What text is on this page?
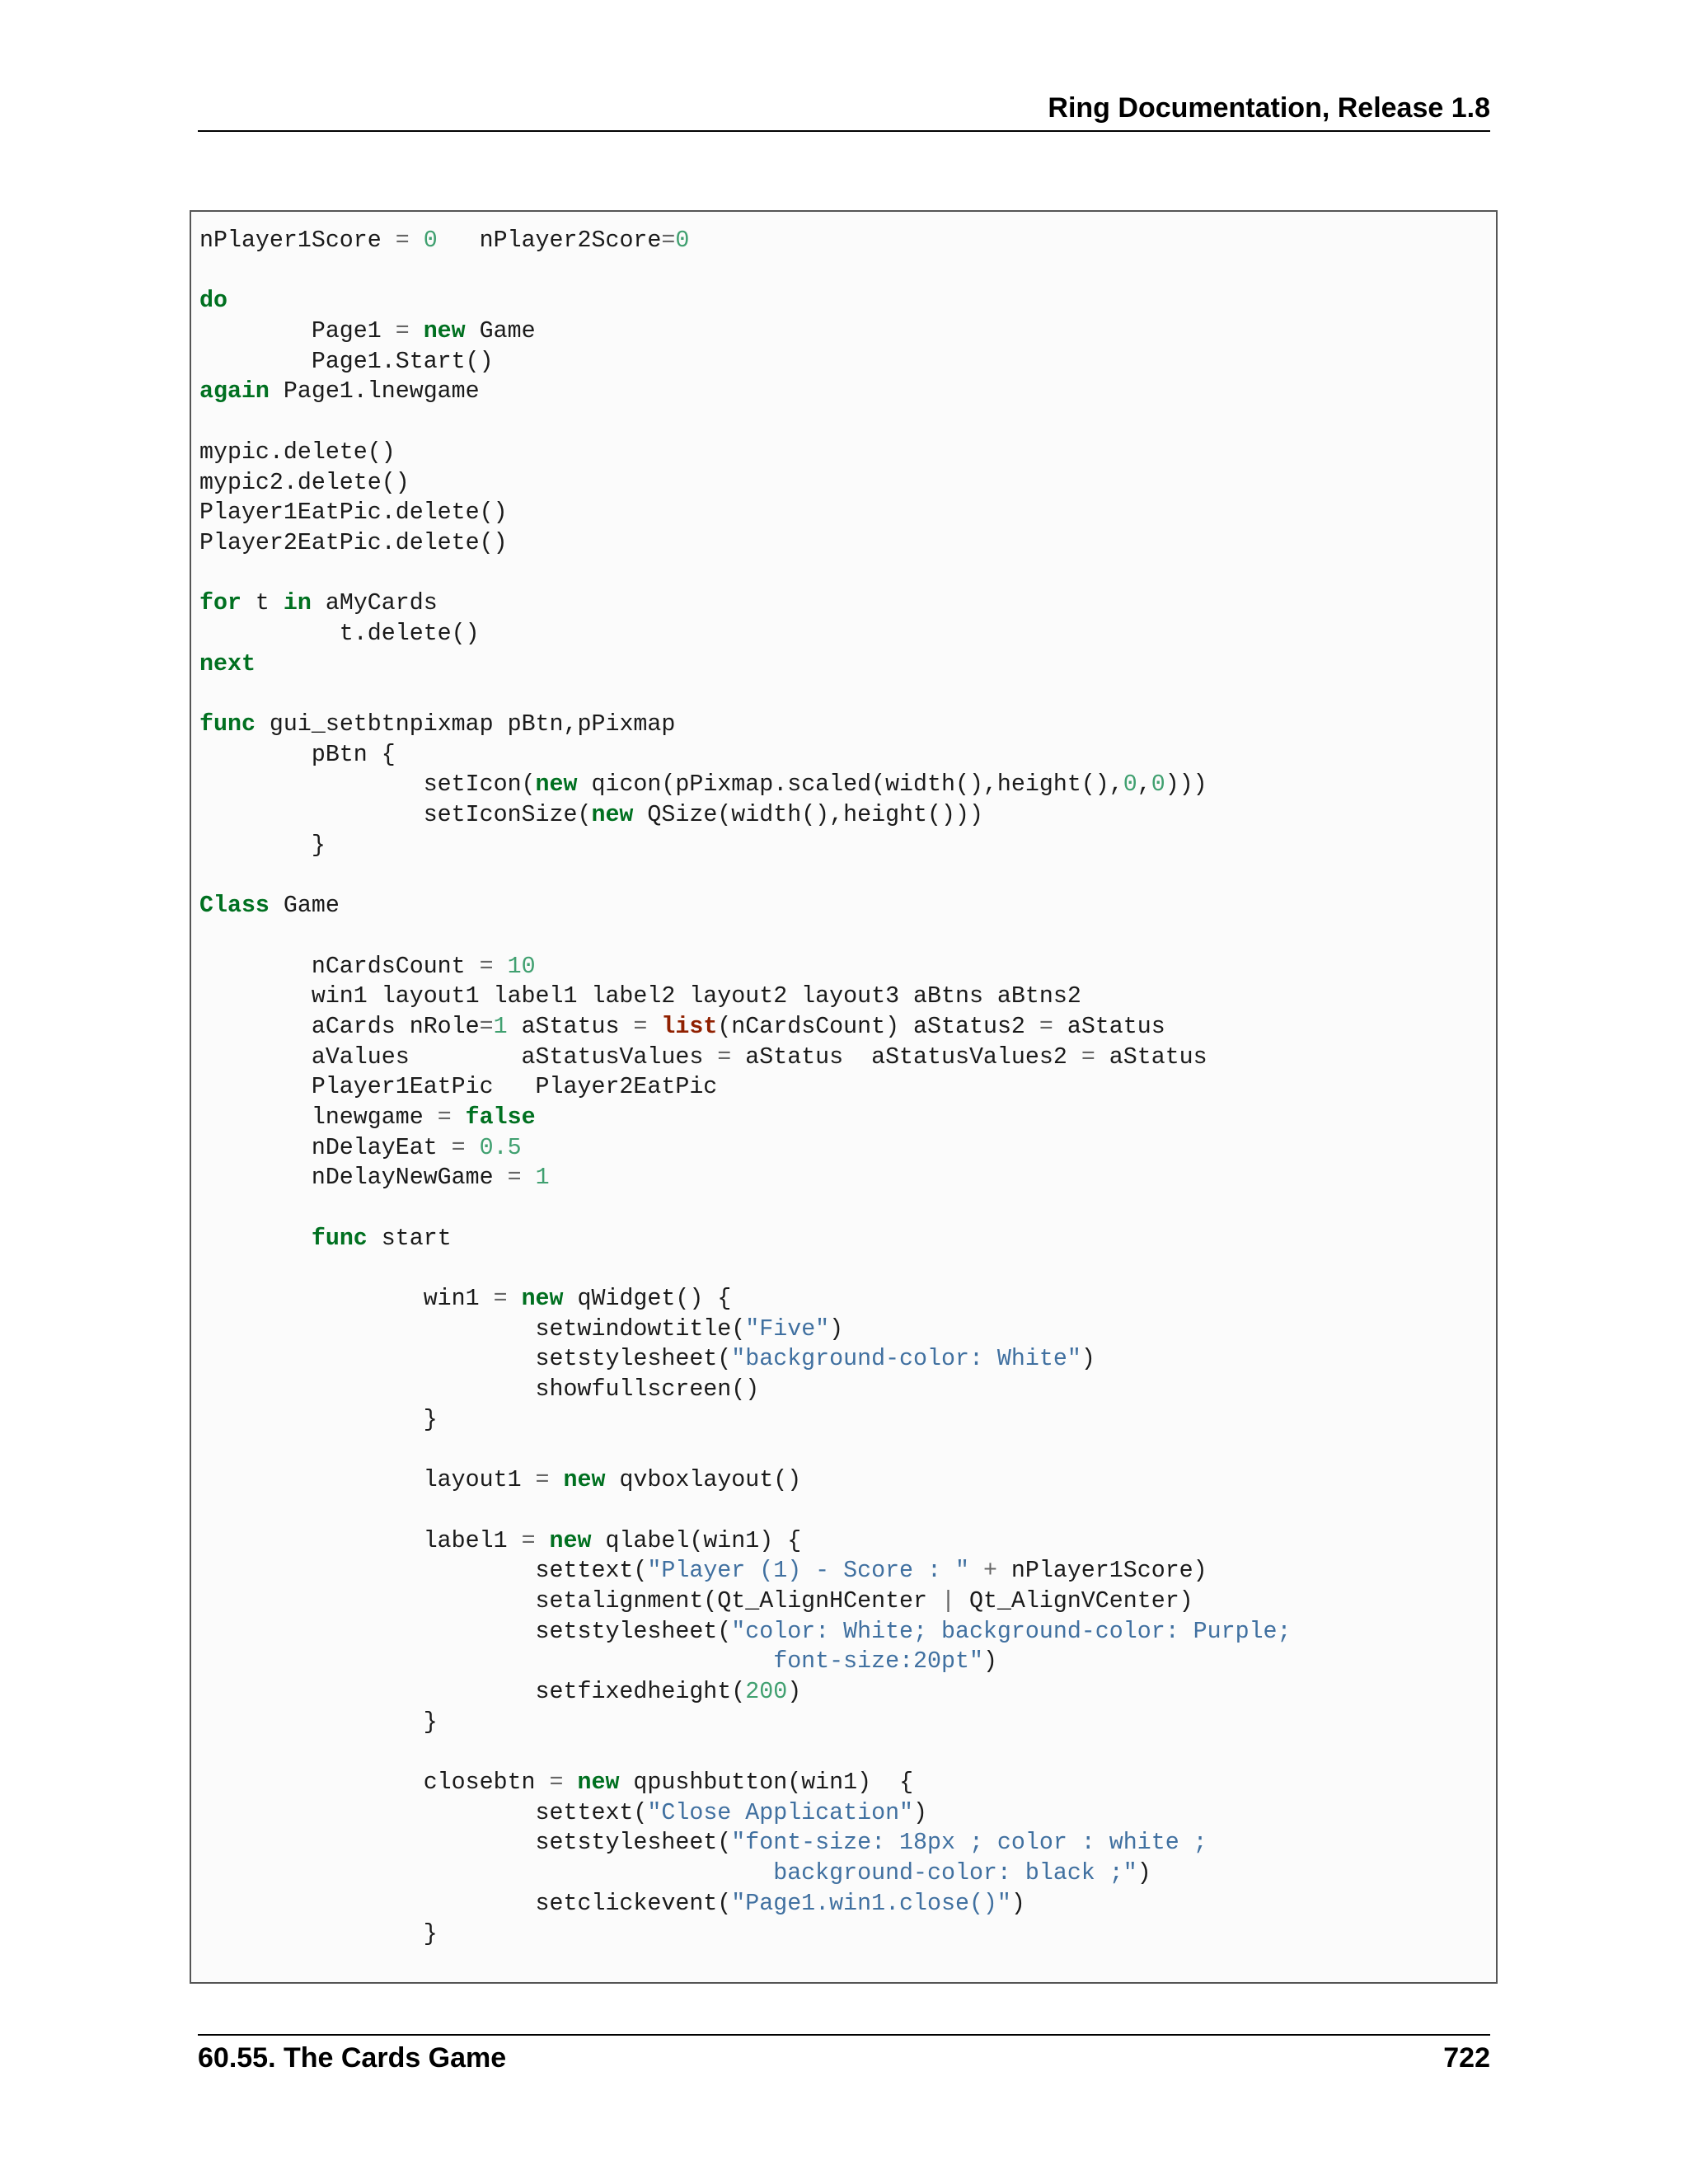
Ring Documentation, Release 1.8
nPlayer1Score = 0   nPlayer2Score=0
do
Page1 = new Game
Page1.Start()
again Page1.lnewgame
mypic.delete()
mypic2.delete()
Player1EatPic.delete()
Player2EatPic.delete()
for t in aMyCards
t.delete()
next
func gui_setbtnpixmap pBtn,pPixmap
pBtn {
setIcon(new qicon(pPixmap.scaled(width(),height(),0,0)))
setIconSize(new QSize(width(),height()))
}
Class Game
nCardsCount = 10
win1 layout1 label1 label2 layout2 layout3 aBtns aBtns2
aCards nRole=1 aStatus = list(nCardsCount) aStatus2 = aStatus
aValues        aStatusValues = aStatus  aStatusValues2 = aStatus
Player1EatPic   Player2EatPic
lnewgame = false
nDelayEat = 0.5
nDelayNewGame = 1
func start
win1 = new qWidget() {
setwindowtitle("Five")
setstylesheet("background-color: White")
showfullscreen()
}
layout1 = new qvboxlayout()
label1 = new qlabel(win1) {
settext("Player (1) - Score : " + nPlayer1Score)
setalignment(Qt_AlignHCenter | Qt_AlignVCenter)
setstylesheet("color: White; background-color: Purple;
font-size:20pt")
setfixedheight(200)
}
closebtn = new qpushbutton(win1)  {
settext("Close Application")
setstylesheet("font-size: 18px ; color : white ;
background-color: black ;")
setclickevent("Page1.win1.close()")
}
60.55. The Cards Game	722
